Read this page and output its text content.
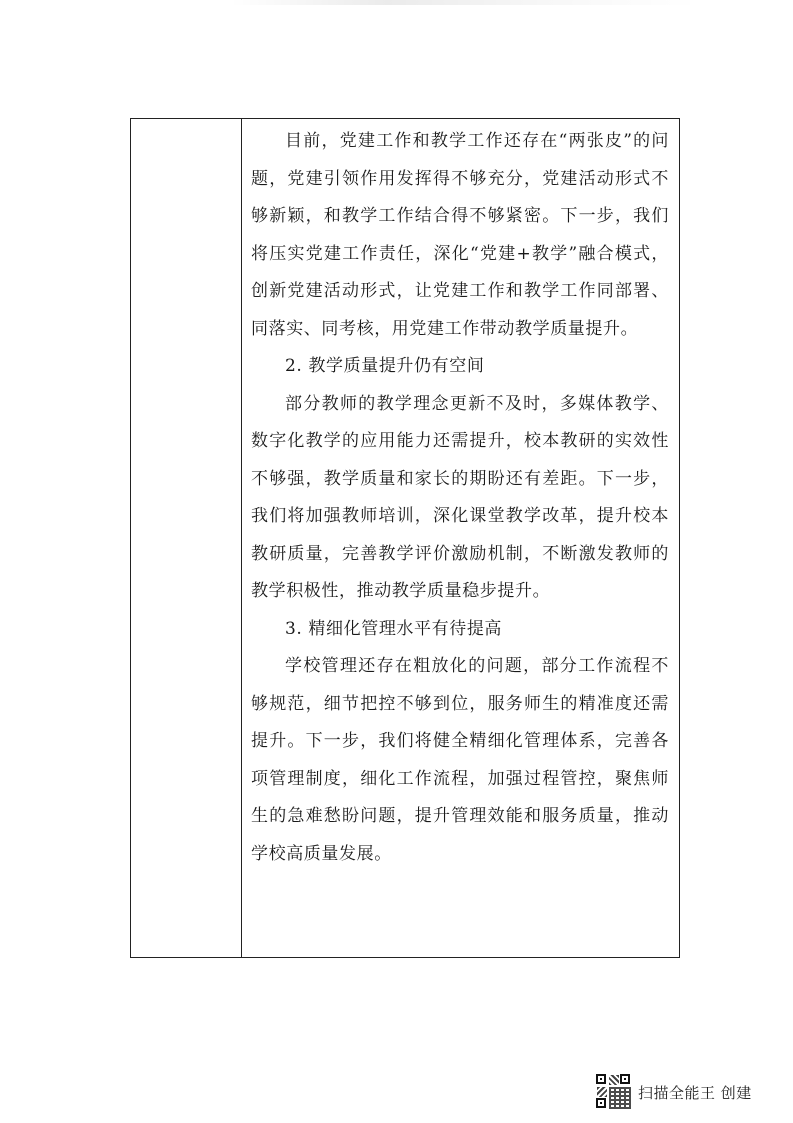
目前，党建工作和教学工作还存在“两张皮”的问题，党建引领作用发挥得不够充分，党建活动形式不够新颖，和教学工作结合得不够紧密。下一步，我们将压实党建工作责任，深化“党建+教学”融合模式，创新党建活动形式，让党建工作和教学工作同部署、同落实、同考核，用党建工作带动教学质量提升。

2. 教学质量提升仍有空间

部分教师的教学理念更新不及时，多媒体教学、数字化教学的应用能力还需提升，校本教研的实效性不够强，教学质量和家长的期盼还有差距。下一步，我们将加强教师培训，深化课堂教学改革，提升校本教研质量，完善教学评价激励机制，不断激发教师的教学积极性，推动教学质量稳步提升。

3. 精细化管理水平有待提高

学校管理还存在粗放化的问题，部分工作流程不够规范，细节把控不够到位，服务师生的精准度还需提升。下一步，我们将健全精细化管理体系，完善各项管理制度，细化工作流程，加强过程管控，聚焦师生的急难愁盼问题，提升管理效能和服务质量，推动学校高质量发展。

扫描全能王 创建
